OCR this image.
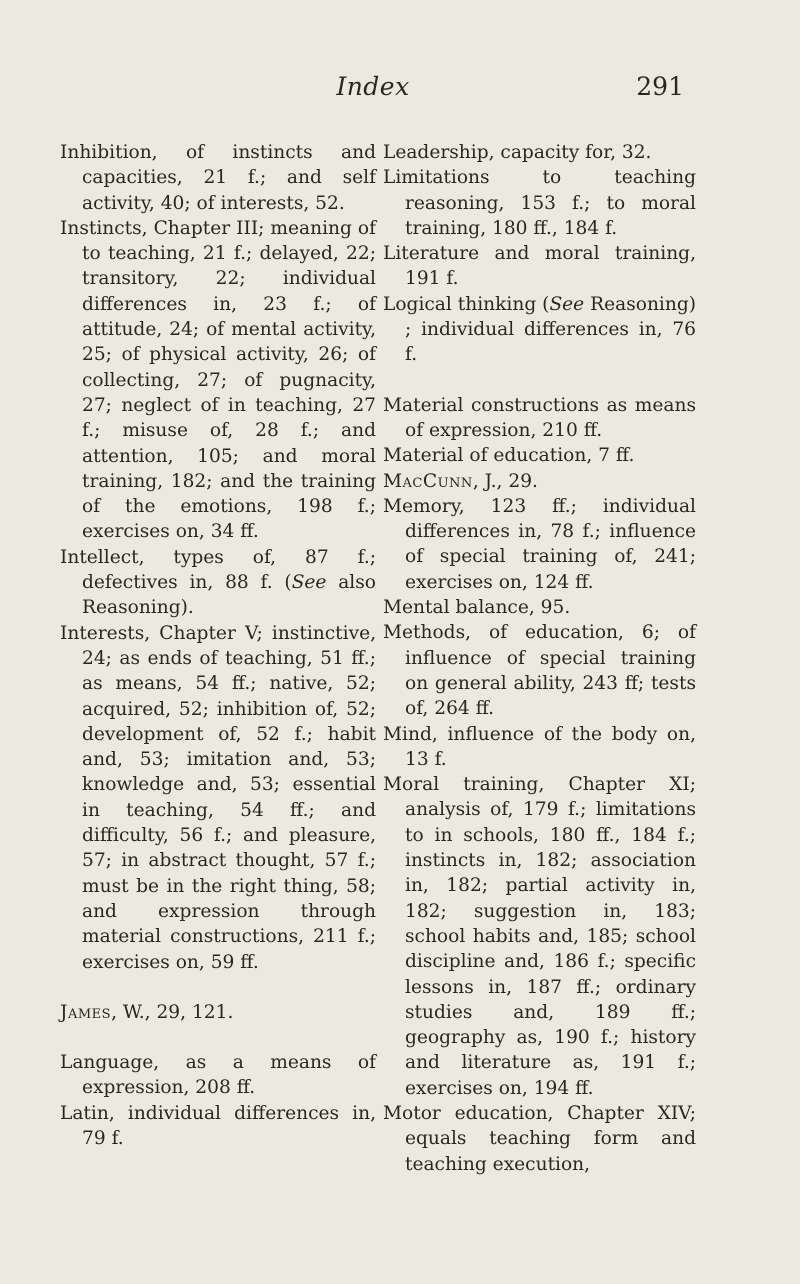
Index	291

Inhibition, of instincts and capacities, 21 f.; and self activity, 40; of interests, 52.

Instincts, Chapter III; meaning of to teaching, 21 f.; delayed, 22; transitory, 22; individual differences in, 23 f.; of attitude, 24; of mental activity, 25; of physical activity, 26; of collecting, 27; of pugnacity, 27; neglect of in teaching, 27 f.; misuse of, 28 f.; and attention, 105; and moral training, 182; and the training of the emotions, 198 f.; exercises on, 34 ff.

Intellect, types of, 87 f.; defectives in, 88 f. (See also Reasoning).

Interests, Chapter V; instinctive, 24; as ends of teaching, 51 ff.; as means, 54 ff.; native, 52; acquired, 52; inhibition of, 52; development of, 52 f.; habit and, 53; imitation and, 53; knowledge and, 53; essential in teaching, 54 ff.; and difficulty, 56 f.; and pleasure, 57; in abstract thought, 57 f.; must be in the right thing, 58; and expression through material constructions, 211 f.; exercises on, 59 ff.

James, W., 29, 121.

Language, as a means of expression, 208 ff.

Latin, individual differences in, 79 f.

Leadership, capacity for, 32.

Limitations to teaching reasoning, 153 f.; to moral training, 180 ff., 184 f.

Literature and moral training, 191 f.

Logical thinking (See Reasoning) ; individual differences in, 76 f.

Material constructions as means of expression, 210 ff.

Material of education, 7 ff.

MacCunn, J., 29.

Memory, 123 ff.; individual differences in, 78 f.; influence of special training of, 241; exercises on, 124 ff.

Mental balance, 95.

Methods, of education, 6; of influence of special training on general ability, 243 ff; tests of, 264 ff.

Mind, influence of the body on, 13 f.

Moral training, Chapter XI; analysis of, 179 f.; limitations to in schools, 180 ff., 184 f.; instincts in, 182; association in, 182; partial activity in, 182; suggestion in, 183; school habits and, 185; school discipline and, 186 f.; specific lessons in, 187 ff.; ordinary studies and, 189 ff.; geography as, 190 f.; history and literature as, 191 f.; exercises on, 194 ff.

Motor education, Chapter XIV; equals teaching form and teaching execution,
